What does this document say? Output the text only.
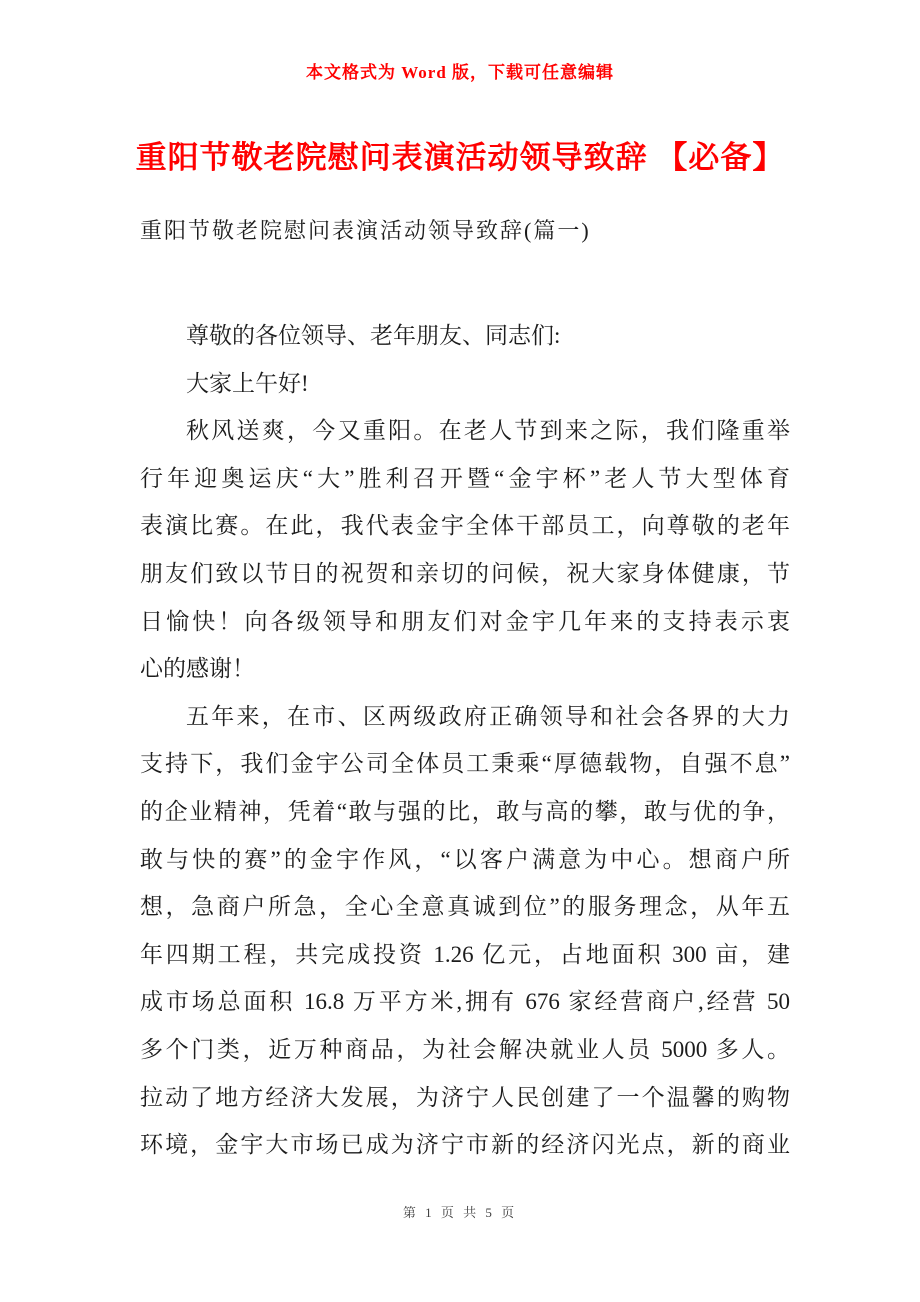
本文格式为 Word 版，下载可任意编辑
重阳节敬老院慰问表演活动领导致辞 【必备】
重阳节敬老院慰问表演活动领导致辞(篇一)
尊敬的各位领导、老年朋友、同志们:
大家上午好!
秋风送爽，今又重阳。在老人节到来之际，我们隆重举
行年迎奥运庆“大”胜利召开暨“金宇杯”老人节大型体育
表演比赛。在此，我代表金宇全体干部员工，向尊敬的老年
朋友们致以节日的祝贺和亲切的问候，祝大家身体健康，节
日愉快！向各级领导和朋友们对金宇几年来的支持表示衷
心的感谢！
五年来，在市、区两级政府正确领导和社会各界的大力
支持下，我们金宇公司全体员工秉乘“厚德载物，自强不息”
的企业精神，凭着“敢与强的比，敢与高的攀，敢与优的争，
敢与快的赛”的金宇作风，“以客户满意为中心。想商户所
想，急商户所急，全心全意真诚到位”的服务理念，从年五
年四期工程，共完成投资 1.26 亿元，占地面积 300 亩，建
成市场总面积 16.8 万平方米,拥有 676 家经营商户,经营 50
多个门类，近万种商品，为社会解决就业人员 5000 多人。
拉动了地方经济大发展，为济宁人民创建了一个温馨的购物
环境，金宇大市场已成为济宁市新的经济闪光点，新的商业
第 1 页 共 5 页
